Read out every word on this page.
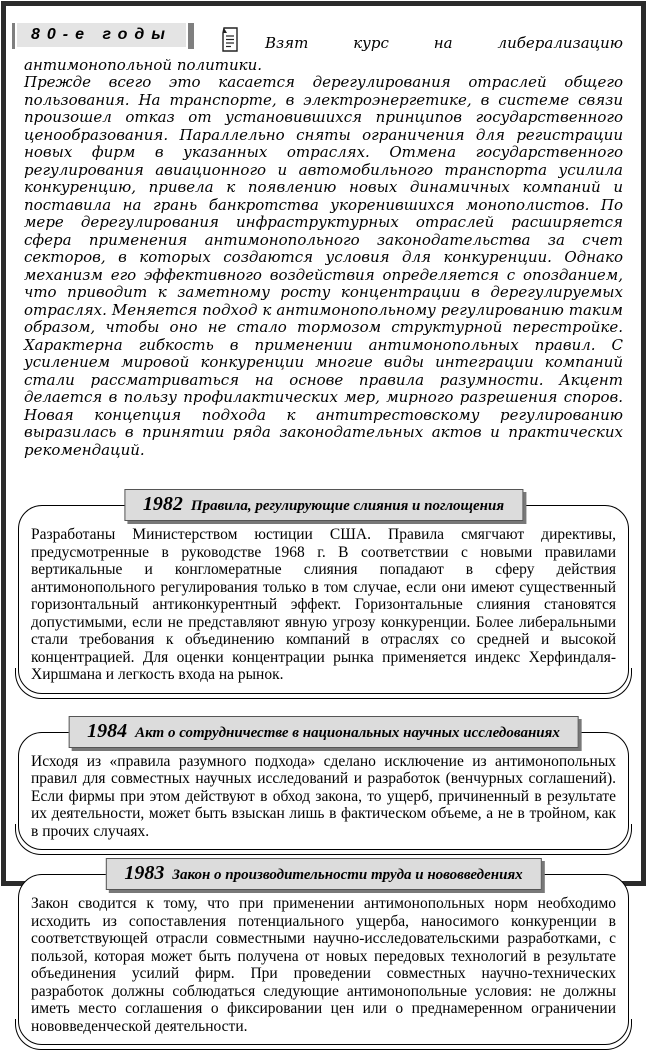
80-е годы	Взят курс на либерализацию антимонопольной политики.
Прежде всего это касается дерегулирования отраслей общего пользования. На транспорте, в электроэнергетике, в системе связи произошел отказ от установившихся принципов государственного ценообразования. Параллельно сняты ограничения для регистрации новых фирм в указанных отраслях. Отмена государственного регулирования авиационного и автомобильного транспорта усилила конкуренцию, привела к появлению новых динамичных компаний и поставила на грань банкротства укоренившихся монополистов. По мере дерегулирования инфраструктурных отраслей расширяется сфера применения антимонопольного законодательства за счет секторов, в которых создаются условия для конкуренции. Однако механизм его эффективного воздействия определяется с опозданием, что приводит к заметному росту концентрации в дерегулируемых отраслях. Меняется подход к антимонопольному регулированию таким образом, чтобы оно не стало тормозом структурной перестройке. Характерна гибкость в применении антимонопольных правил. С усилением мировой конкуренции многие виды интеграции компаний стали рассматриваться на основе правила разумности. Акцент делается в пользу профилактических мер, мирного разрешения споров. Новая концепция подхода к антитрестовскому регулированию выразилась в принятии ряда законодательных актов и практических рекомендаций.

1982 Правила, регулирующие слияния и поглощения
Разработаны Министерством юстиции США. Правила смягчают директивы, предусмотренные в руководстве 1968 г. В соответствии с новыми правилами вертикальные и конгломератные слияния попадают в сферу действия антимонопольного регулирования только в том случае, если они имеют существенный горизонтальный антиконкурентный эффект. Горизонтальные слияния становятся допустимыми, если не представляют явную угрозу конкуренции. Более либеральными стали требования к объединению компаний в отраслях со средней и высокой концентрацией. Для оценки концентрации рынка применяется индекс Херфиндаля-Хиршмана и легкость входа на рынок.
1984 Акт о сотрудничестве в национальных научных исследованиях
Исходя из «правила разумного подхода» сделано исключение из антимонопольных правил для совместных научных исследований и разработок (венчурных соглашений). Если фирмы при этом действуют в обход закона, то ущерб, причиненный в результате их деятельности, может быть взыскан лишь в фактическом объеме, а не в тройном, как в прочих случаях.
1983 Закон о производительности труда и нововведениях
Закон сводится к тому, что при применении антимонопольных норм необходимо исходить из сопоставления потенциального ущерба, наносимого конкуренции в соответствующей отрасли совместными научно-исследовательскими разработками, с пользой, которая может быть получена от новых передовых технологий в результате объединения усилий фирм. При проведении совместных научно-технических разработок должны соблюдаться следующие антимонопольные условия: не должны иметь место соглашения о фиксировании цен или о преднамеренном ограничении нововведенческой деятельности.
